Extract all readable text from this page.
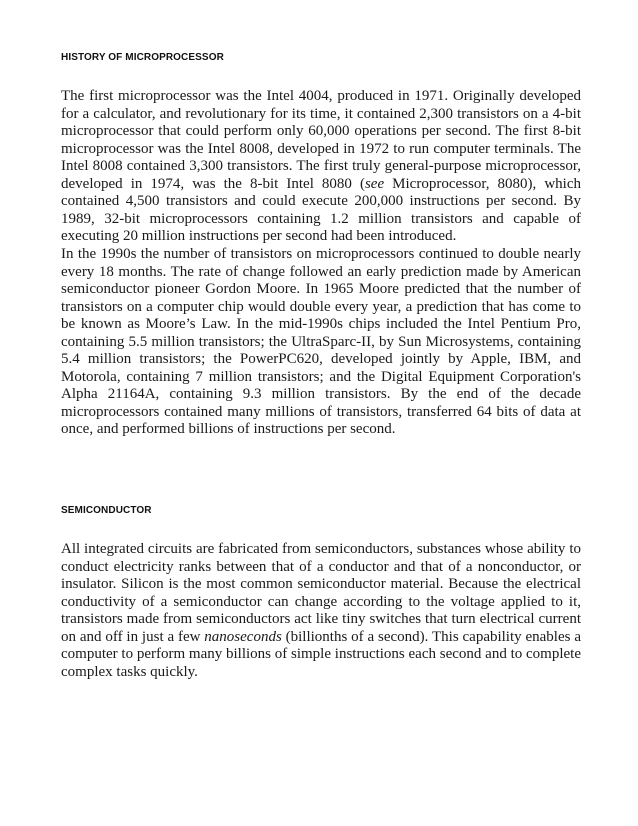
HISTORY OF MICROPROCESSOR

The first microprocessor was the Intel 4004, produced in 1971. Originally developed for a calculator, and revolutionary for its time, it contained 2,300 transistors on a 4-bit microprocessor that could perform only 60,000 operations per second. The first 8-bit microprocessor was the Intel 8008, developed in 1972 to run computer terminals. The Intel 8008 contained 3,300 transistors. The first truly general-purpose microprocessor, developed in 1974, was the 8-bit Intel 8080 (see Microprocessor, 8080), which contained 4,500 transistors and could execute 200,000 instructions per second. By 1989, 32-bit microprocessors containing 1.2 million transistors and capable of executing 20 million instructions per second had been introduced.

In the 1990s the number of transistors on microprocessors continued to double nearly every 18 months. The rate of change followed an early prediction made by American semiconductor pioneer Gordon Moore. In 1965 Moore predicted that the number of transistors on a computer chip would double every year, a prediction that has come to be known as Moore’s Law. In the mid-1990s chips included the Intel Pentium Pro, containing 5.5 million transistors; the UltraSparc-II, by Sun Microsystems, containing 5.4 million transistors; the PowerPC620, developed jointly by Apple, IBM, and Motorola, containing 7 million transistors; and the Digital Equipment Corporation's Alpha 21164A, containing 9.3 million transistors. By the end of the decade microprocessors contained many millions of transistors, transferred 64 bits of data at once, and performed billions of instructions per second.

SEMICONDUCTOR

All integrated circuits are fabricated from semiconductors, substances whose ability to conduct electricity ranks between that of a conductor and that of a nonconductor, or insulator. Silicon is the most common semiconductor material. Because the electrical conductivity of a semiconductor can change according to the voltage applied to it, transistors made from semiconductors act like tiny switches that turn electrical current on and off in just a few nanoseconds (billionths of a second). This capability enables a computer to perform many billions of simple instructions each second and to complete complex tasks quickly.
